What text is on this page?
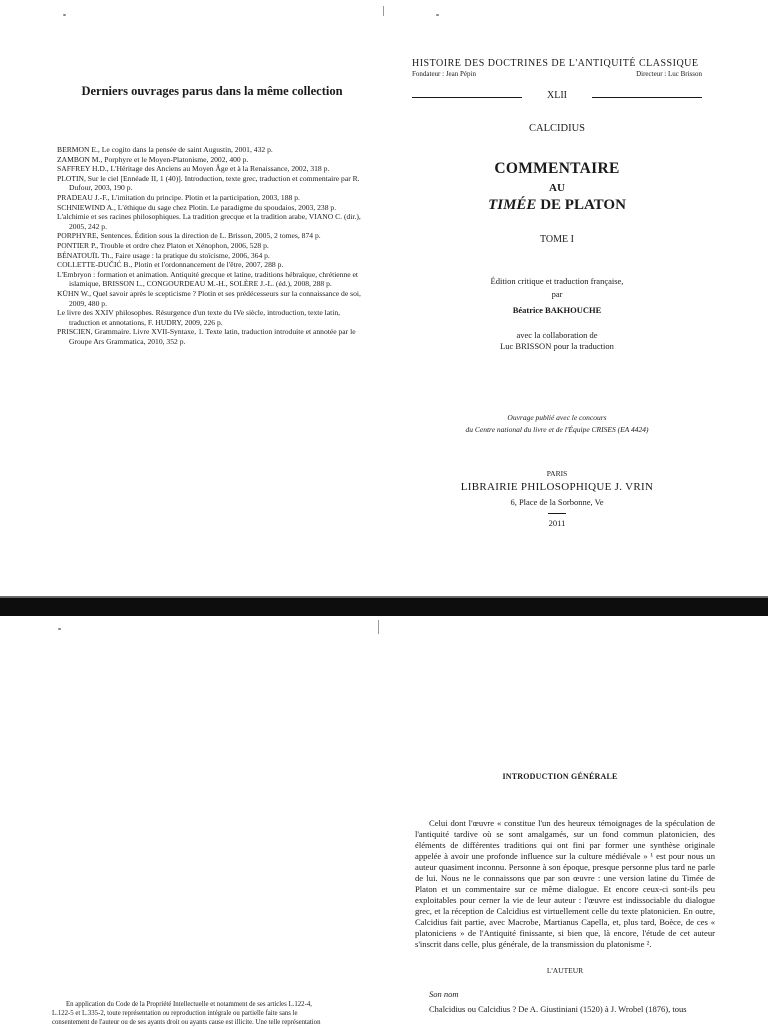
Derniers ouvrages parus dans la même collection
BERMON E., Le cogito dans la pensée de saint Augustin, 2001, 432 p.
ZAMBON M., Porphyre et le Moyen-Platonisme, 2002, 400 p.
SAFFREY H.D., L'Héritage des Anciens au Moyen Âge et à la Renaissance, 2002, 318 p.
PLOTIN, Sur le ciel [Ennéade II, 1 (40)]. Introduction, texte grec, traduction et commentaire par R. Dufour, 2003, 190 p.
PRADEAU J.-F., L'imitation du principe. Plotin et la participation, 2003, 188 p.
SCHNIEWIND A., L'éthique du sage chez Plotin. Le paradigme du spoudaios, 2003, 238 p.
L'alchimie et ses racines philosophiques. La tradition grecque et la tradition arabe, VIANO C. (dir.), 2005, 242 p.
PORPHYRE, Sentences. Édition sous la direction de L. Brisson, 2005, 2 tomes, 874 p.
PONTIER P., Trouble et ordre chez Platon et Xénophon, 2006, 528 p.
BÉNATOUÏL Th., Faire usage : la pratique du stoïcisme, 2006, 364 p.
COLLETTE-DUČIĆ B., Plotin et l'ordonnancement de l'être, 2007, 288 p.
L'Embryon : formation et animation. Antiquité grecque et latine, traditions hébraïque, chrétienne et islamique, BRISSON L., CONGOURDEAU M.-H., SOLÈRE J.-L. (éd.), 2008, 288 p.
KÜHN W., Quel savoir après le scepticisme ? Plotin et ses prédécesseurs sur la connaissance de soi, 2009, 480 p.
Le livre des XXIV philosophes. Résurgence d'un texte du IVe siècle, introduction, texte latin, traduction et annotations, F. HUDRY, 2009, 226 p.
PRISCIEN, Grammaire. Livre XVII-Syntaxe, 1. Texte latin, traduction introduite et annotée par le Groupe Ars Grammatica, 2010, 352 p.
HISTOIRE DES DOCTRINES DE L'ANTIQUITÉ CLASSIQUE
Fondateur : Jean Pépin	Directeur : Luc Brisson
XLII
CALCIDIUS
COMMENTAIRE
AU
TIMÉE DE PLATON
TOME I
Édition critique et traduction française,
par
Béatrice BAKHOUCHE
avec la collaboration de
Luc BRISSON pour la traduction
Ouvrage publié avec le concours
du Centre national du livre et de l'Équipe CRISES (EA 4424)
PARIS
LIBRAIRIE PHILOSOPHIQUE J. VRIN
6, Place de la Sorbonne, Ve
2011
En application du Code de la Propriété Intellectuelle et notamment de ses articles L.122-4,
L.122-5 et L.335-2, toute représentation ou reproduction intégrale ou partielle faite sans le
consentement de l'auteur ou de ses ayants droit ou ayants cause est illicite. Une telle représentation
INTRODUCTION GÉNÉRALE

Celui dont l'œuvre « constitue l'un des heureux témoignages de la spéculation de l'antiquité tardive où se sont amalgamés, sur un fond commun platonicien, des éléments de différentes traditions qui ont fini par former une synthèse originale appelée à avoir une profonde influence sur la culture médiévale » ¹ est pour nous un auteur quasiment inconnu. Personne à son époque, presque personne plus tard ne parle de lui. Nous ne le connaissons que par son œuvre : une version latine du Timée de Platon et un commentaire sur ce même dialogue. Et encore ceux-ci sont-ils peu exploitables pour cerner la vie de leur auteur : l'œuvre est indissociable du dialogue grec, et la réception de Calcidius est virtuellement celle du texte platonicien. En outre, Calcidius fait partie, avec Macrobe, Martianus Capella, et, plus tard, Boèce, de ces « platoniciens » de l'Antiquité finissante, si bien que, là encore, l'étude de cet auteur s'inscrit dans celle, plus générale, de la transmission du platonisme ².

L'AUTEUR
Son nom
Chalcidius ou Calcidius ? De A. Giustiniani (1520) à J. Wrobel (1876), tous
